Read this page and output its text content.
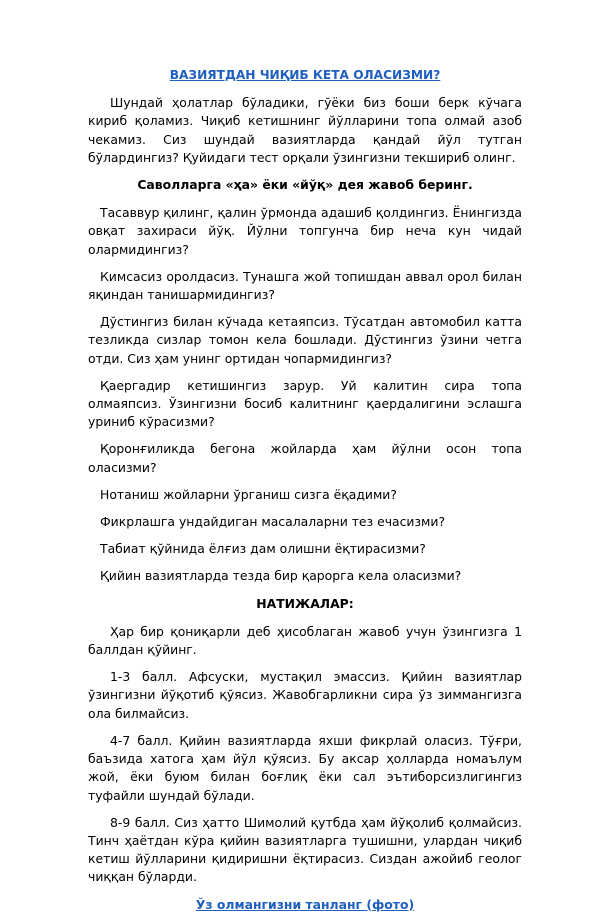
ВАЗИЯТДАН ЧИҚИБ КЕТА ОЛАСИЗМИ?

Шундай ҳолатлар бўладики, гўёки биз боши берк кўчага кириб қоламиз. Чиқиб кетишнинг йўлларини топа олмай азоб чекамиз. Сиз шундай вазиятларда қандай йўл тутган бўлардингиз? Қуйидаги тест орқали ўзингизни текшириб олинг.

Саволларга «ҳа» ёки «йўқ» дея жавоб беринг.

Тасаввур қилинг, қалин ўрмонда адашиб қолдингиз. Ёнингизда овқат захираси йўқ. Йўлни топгунча бир неча кун чидай олармидингиз?

Кимсасиз оролдасиз. Тунашга жой топишдан аввал орол билан яқиндан танишармидингиз?

Дўстингиз билан кўчада кетаяпсиз. Тўсатдан автомобил катта тезликда сизлар томон кела бошлади. Дўстингиз ўзини четга отди. Сиз ҳам унинг ортидан чопармидингиз?

Қаергадир кетишингиз зарур. Уй калитин сира топа олмаяпсиз. Ўзингизни босиб калитнинг қаердалигини эслашга уриниб кўрасизми?

Қоронғиликда бегона жойларда ҳам йўлни осон топа оласизми?

Нотаниш жойларни ўрганиш сизга ёқадими?

Фикрлашга ундайдиган масалаларни тез ечасизми?

Табиат қўйнида ёлғиз дам олишни ёқтирасизми?

Қийин вазиятларда тезда бир қарорга кела оласизми?

НАТИЖАЛАР:

Ҳар бир қониқарли деб ҳисоблаган жавоб учун ўзингизга 1 баллдан қўйинг.

1-3 балл. Афсуски, мустақил эмассиз. Қийин вазиятлар ўзингизни йўқотиб қўясиз. Жавобгарликни сира ўз зиммангизга ола билмайсиз.

4-7 балл. Қийин вазиятларда яхши фикрлай оласиз. Тўғри, баъзида хатога ҳам йўл қўясиз. Бу аксар ҳолларда номаълум жой, ёки буюм билан боғлиқ ёки сал эътиборсизлигингиз туфайли шундай бўлади.

8-9 балл. Сиз ҳатто Шимолий қутбда ҳам йўқолиб қолмайсиз. Тинч ҳаётдан кўра қийин вазиятларга тушишни, улардан чиқиб кетиш йўлларини қидиришни ёқтирасиз. Сиздан ажойиб геолог чиққан бўларди.

Ўз олмангизни танланг (фото)
